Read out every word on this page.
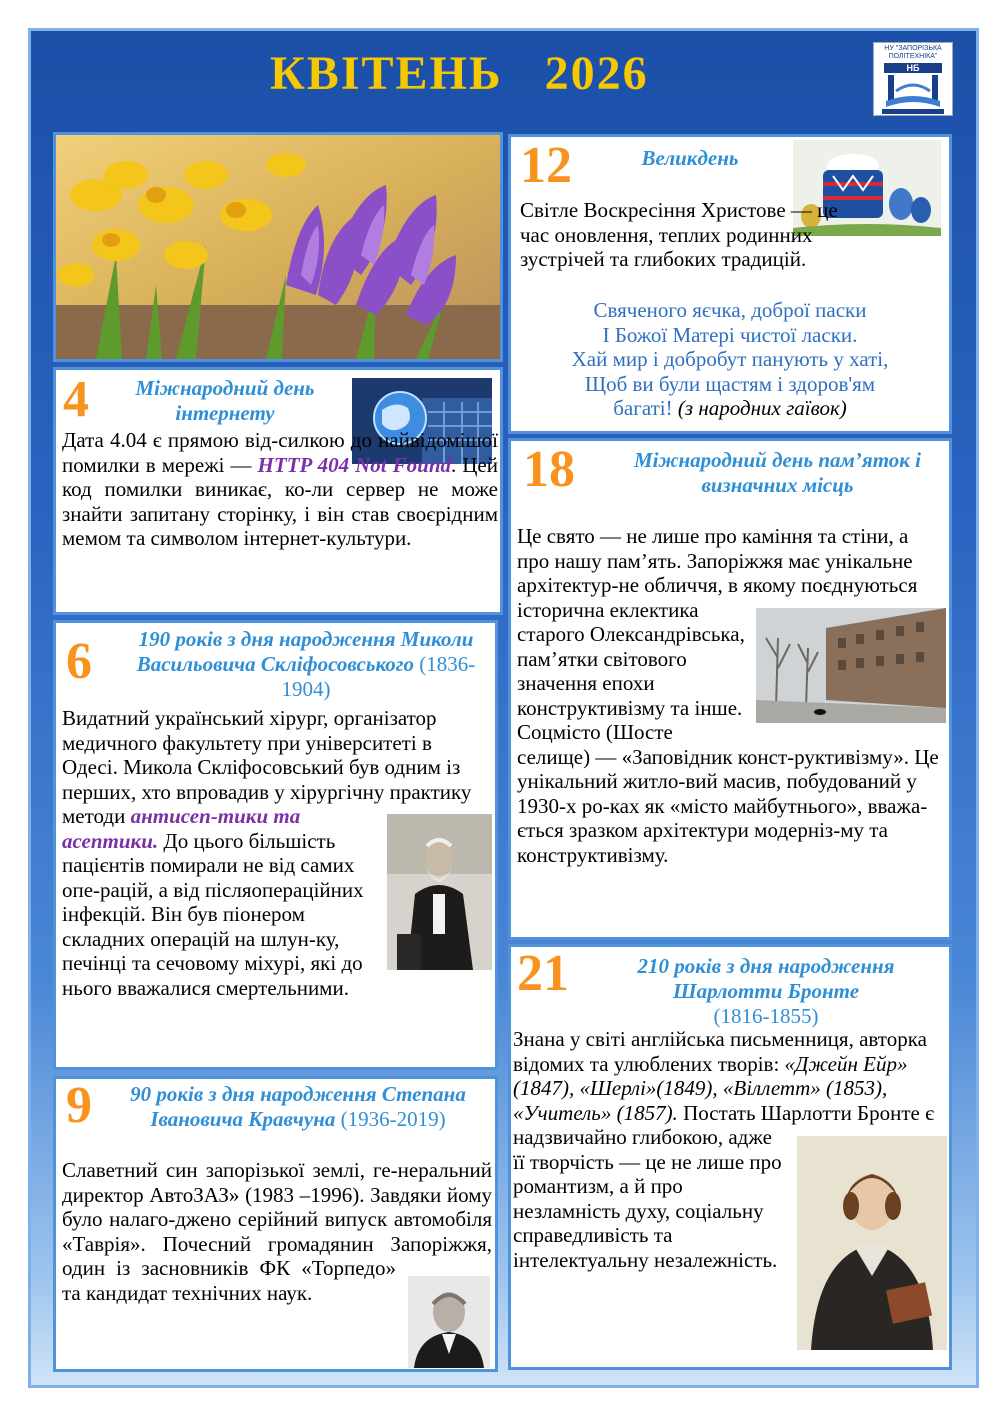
КВІТЕНЬ   2026	НУ "ЗАПОРІЗЬКА ПОЛІТЕХНІКА"
НБ
12	Великдень
Світле Воскресіння Христове — це час оновлення, теплих родинних зустрічей та глибоких традицій.
Свяченого яєчка, доброї паски
І Божої Матері чистої ласки.
Хай мир і добробут панують у хаті,
Щоб ви були щастям і здоров'ям
багаті! (з народних гаївок)
4	Міжнародний день інтернету
Дата 4.04 є прямою від-силкою до найвідомішої помилки в мережі — HTTP 404 Not Found. Цей код помилки виникає, ко-ли сервер не може знайти запитану сторінку, і він став своєрідним мемом та символом інтернет-культури.
6	190 років з дня народження Миколи Васильовича Скліфосовського (1836-1904)
Видатний український хірург, організатор медичного факультету при університеті в Одесі. Микола Скліфосовський був одним із перших, хто впровадив у хірургічну практику методи антисеп-тики та асептики. До цього більшість пацієнтів помирали не від самих опе-рацій, а від післяопераційних інфекцій. Він був піонером складних операцій на шлун-ку, печінці та сечовому міхурі, які до нього вважалися смертельними.
9	90 років з дня народження Степана Івановича Кравчуна (1936-2019)
Славетний син запорізької землі, ге-неральний директор АвтоЗАЗ» (1983 –1996). Завдяки йому було налаго-джено серійний випуск автомобіля «Таврія». Почесний громадянин Запоріжжя, один із засновників ФК «Торпедо» та кандидат технічних наук.
18	Міжнародний день пам’яток і визначних місць
Це свято — не лише про каміння та стіни, а про нашу пам’ять. Запоріжжя має унікальне архітектур-не обличчя, в якому поєднуються історична еклектика старого Олександрівська, пам’ятки світового значення епохи конструктивізму та інше. Соцмісто (Шосте селище) — «Заповідник конст-руктивізму». Це унікальний житло-вий масив, побудований у 1930-х ро-ках як «місто майбутнього», вважа-ється зразком архітектури модерніз-му та конструктивізму.
21	210 років з дня народження Шарлотти Бронте
(1816-1855)
Знана у світі англійська письменниця, авторка відомих та улюблених творів: «Джейн Ейр» (1847), «Шерлі»(1849), «Віллетт» (1853), «Учитель» (1857). Постать Шарлотти Бронте є надзвичайно глибокою, адже її творчість — це не лише про романтизм, а й про незламність духу, соціальну справедливість та інтелектуальну незалежність.
